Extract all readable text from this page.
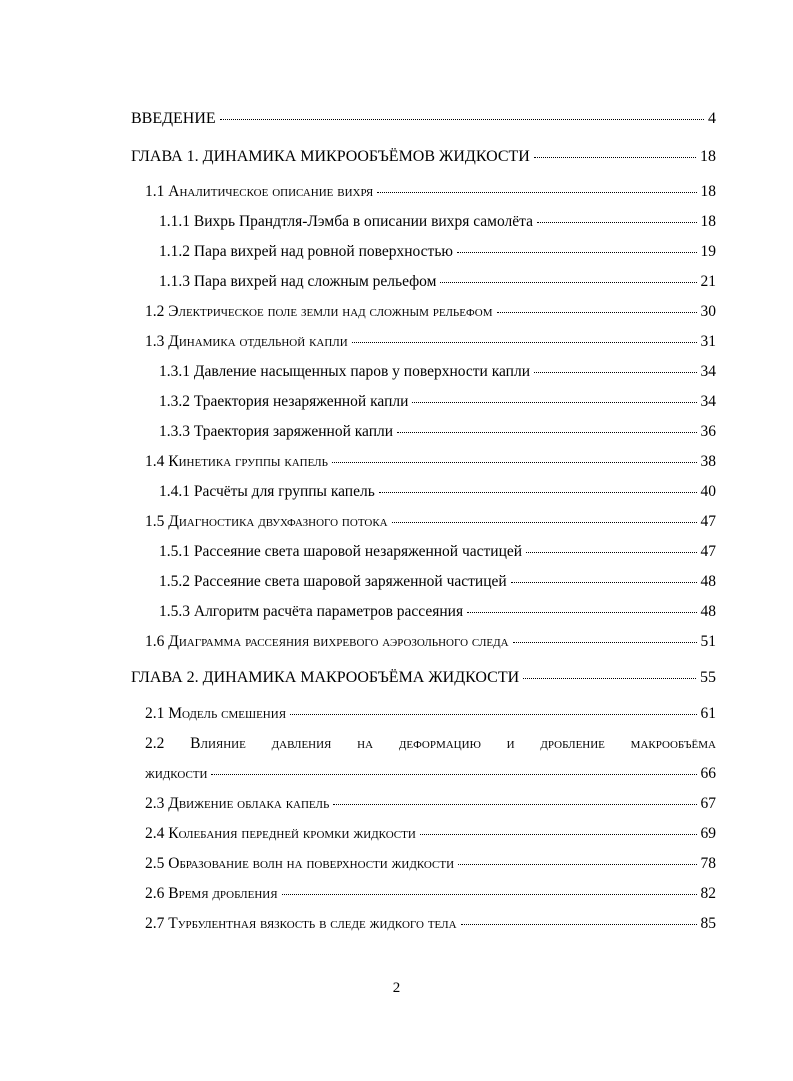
ВВЕДЕНИЕ	4
ГЛАВА 1. ДИНАМИКА МИКРООБЪЁМОВ ЖИДКОСТИ	18
1.1 Аналитическое описание вихря	18
1.1.1 Вихрь Прандтля-Лэмба в описании вихря самолёта	18
1.1.2 Пара вихрей над ровной поверхностью	19
1.1.3 Пара вихрей над сложным рельефом	21
1.2 Электрическое поле земли над сложным рельефом	30
1.3 Динамика отдельной капли	31
1.3.1 Давление насыщенных паров у поверхности капли	34
1.3.2 Траектория незаряженной капли	34
1.3.3 Траектория заряженной капли	36
1.4 Кинетика группы капель	38
1.4.1 Расчёты для группы капель	40
1.5 Диагностика двухфазного потока	47
1.5.1 Рассеяние света шаровой незаряженной частицей	47
1.5.2 Рассеяние света шаровой заряженной частицей	48
1.5.3 Алгоритм расчёта параметров рассеяния	48
1.6 Диаграмма рассеяния вихревого аэрозольного следа	51
ГЛАВА 2. ДИНАМИКА МАКРООБЪЁМА ЖИДКОСТИ	55
2.1 Модель смешения	61
2.2 Влияние давления на деформацию и дробление макрообъёма
жидкости	66
2.3 Движение облака капель	67
2.4 Колебания передней кромки жидкости	69
2.5 Образование волн на поверхности жидкости	78
2.6 Время дробления	82
2.7 Турбулентная вязкость в следе жидкого тела	85
2
